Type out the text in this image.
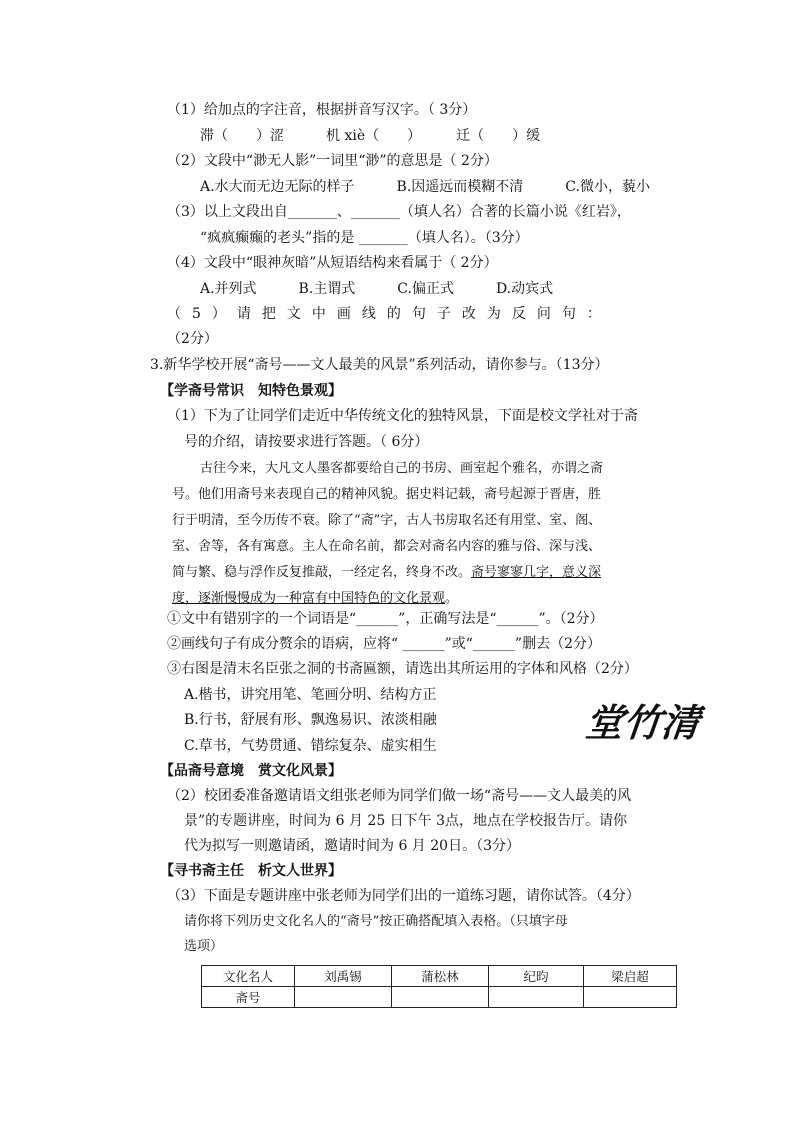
（1）给加点的字注音，根据拼音写汉字。（ 3分）
滞（　　）涩　　　机 xiè（　　）　　　迁（　　）缓
（2）文段中“渺无人影”一词里“渺”的意思是（ 2分）
A.水大而无边无际的样子　　　B.因遥远而模糊不清　　　C.微小，藐小
（3）以上文段出自_______、_______（填人名）合著的长篇小说《红岩》，
“疯疯癫癫的老头”指的是 _______（填人名）。（3分）
（4）文段中“眼神灰暗”从短语结构来看属于（ 2分）
A.并列式　　　B.主谓式　　　C.偏正式　　　D.动宾式
（5）请把文中画线的句子改为反问句：
（2分）
3.新华学校开展“斋号——文人最美的风景”系列活动，请你参与。（13分）
【学斋号常识　知特色景观】
（1）下为了让同学们走近中华传统文化的独特风景，下面是校文学社对于斋
号的介绍，请按要求进行答题。（ 6分）
古往今来，大凡文人墨客都要给自己的书房、画室起个雅名，亦谓之斋
号。他们用斋号来表现自己的精神风貌。据史料记载，斋号起源于晋唐，胜
行于明清，至今历传不衰。除了“斋”字，古人书房取名还有用堂、室、阁、
室、舍等，各有寓意。主人在命名前，都会对斋名内容的雅与俗、深与浅、
简与繁、稳与浮作反复推敲，一经定名，终身不改。斋号寥寥几字，意义深
度，逐渐慢慢成为一种富有中国特色的文化景观。
①文中有错别字的一个词语是“______”，正确写法是“______”。（2分）
②画线句子有成分赘余的语病，应将“ ______”或“______”删去（2分）
③右图是清末名臣张之洞的书斋匾额，请选出其所运用的字体和风格（2分）
A.楷书，讲究用笔、笔画分明、结构方正
B.行书，舒展有形、飘逸易识、浓淡相融
C.草书，气势贯通、错综复杂、虚实相生
堂竹清
【品斋号意境　赏文化风景】
（2）校团委准备邀请语文组张老师为同学们做一场“斋号——文人最美的风
景”的专题讲座，时间为 6 月 25 日下午 3点，地点在学校报告厅。请你
代为拟写一则邀请函，邀请时间为 6 月 20日。（3分）
【寻书斋主任　析文人世界】
（3）下面是专题讲座中张老师为同学们出的一道练习题，请你试答。（4分）
请你将下列历史文化名人的“斋号”按正确搭配填入表格。（只填字母
选项）
文化名人	刘禹锡	蒲松林	纪昀	梁启超
斋号				
